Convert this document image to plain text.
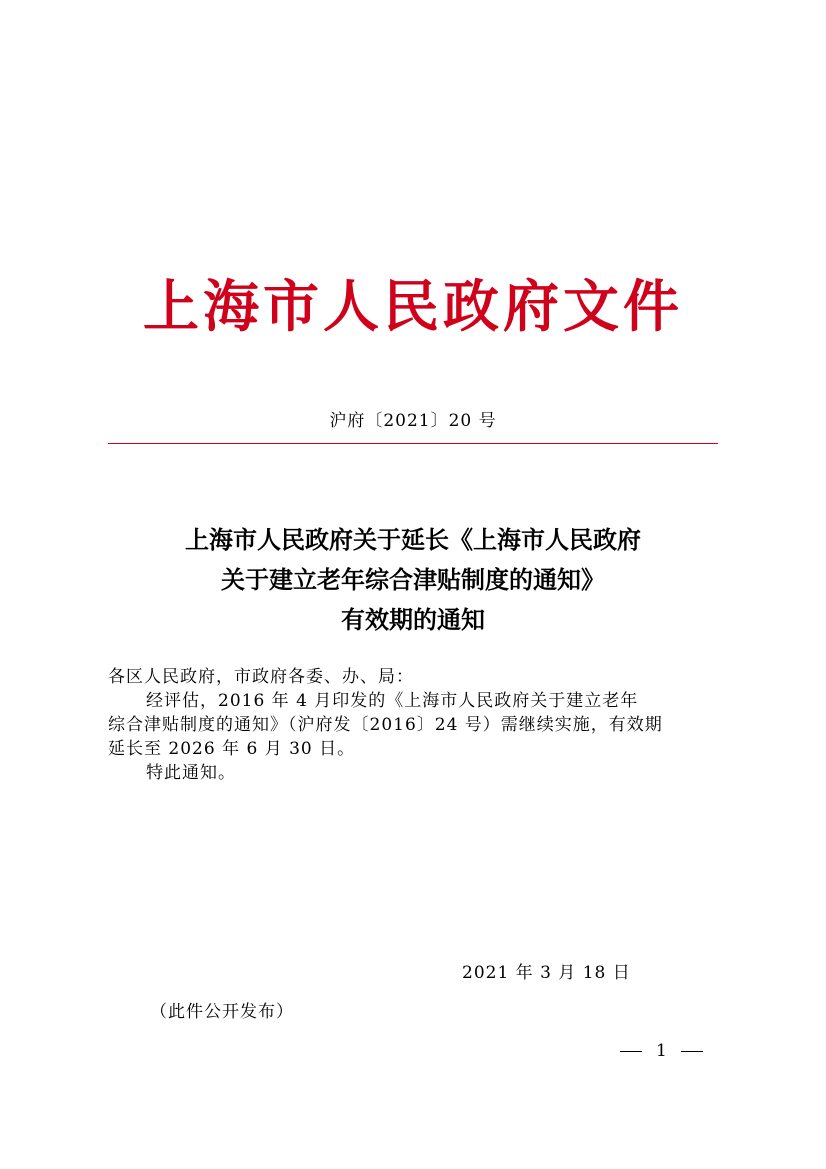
上海市人民政府文件
沪府〔2021〕20 号
上海市人民政府关于延长《上海市人民政府
关于建立老年综合津贴制度的通知》
有效期的通知
各区人民政府，市政府各委、办、局：
经评估，2016 年 4 月印发的《上海市人民政府关于建立老年
综合津贴制度的通知》（沪府发〔2016〕24 号）需继续实施，有效期
延长至 2026 年 6 月 30 日。
特此通知。
2021 年 3 月 18 日
（此件公开发布）
1
